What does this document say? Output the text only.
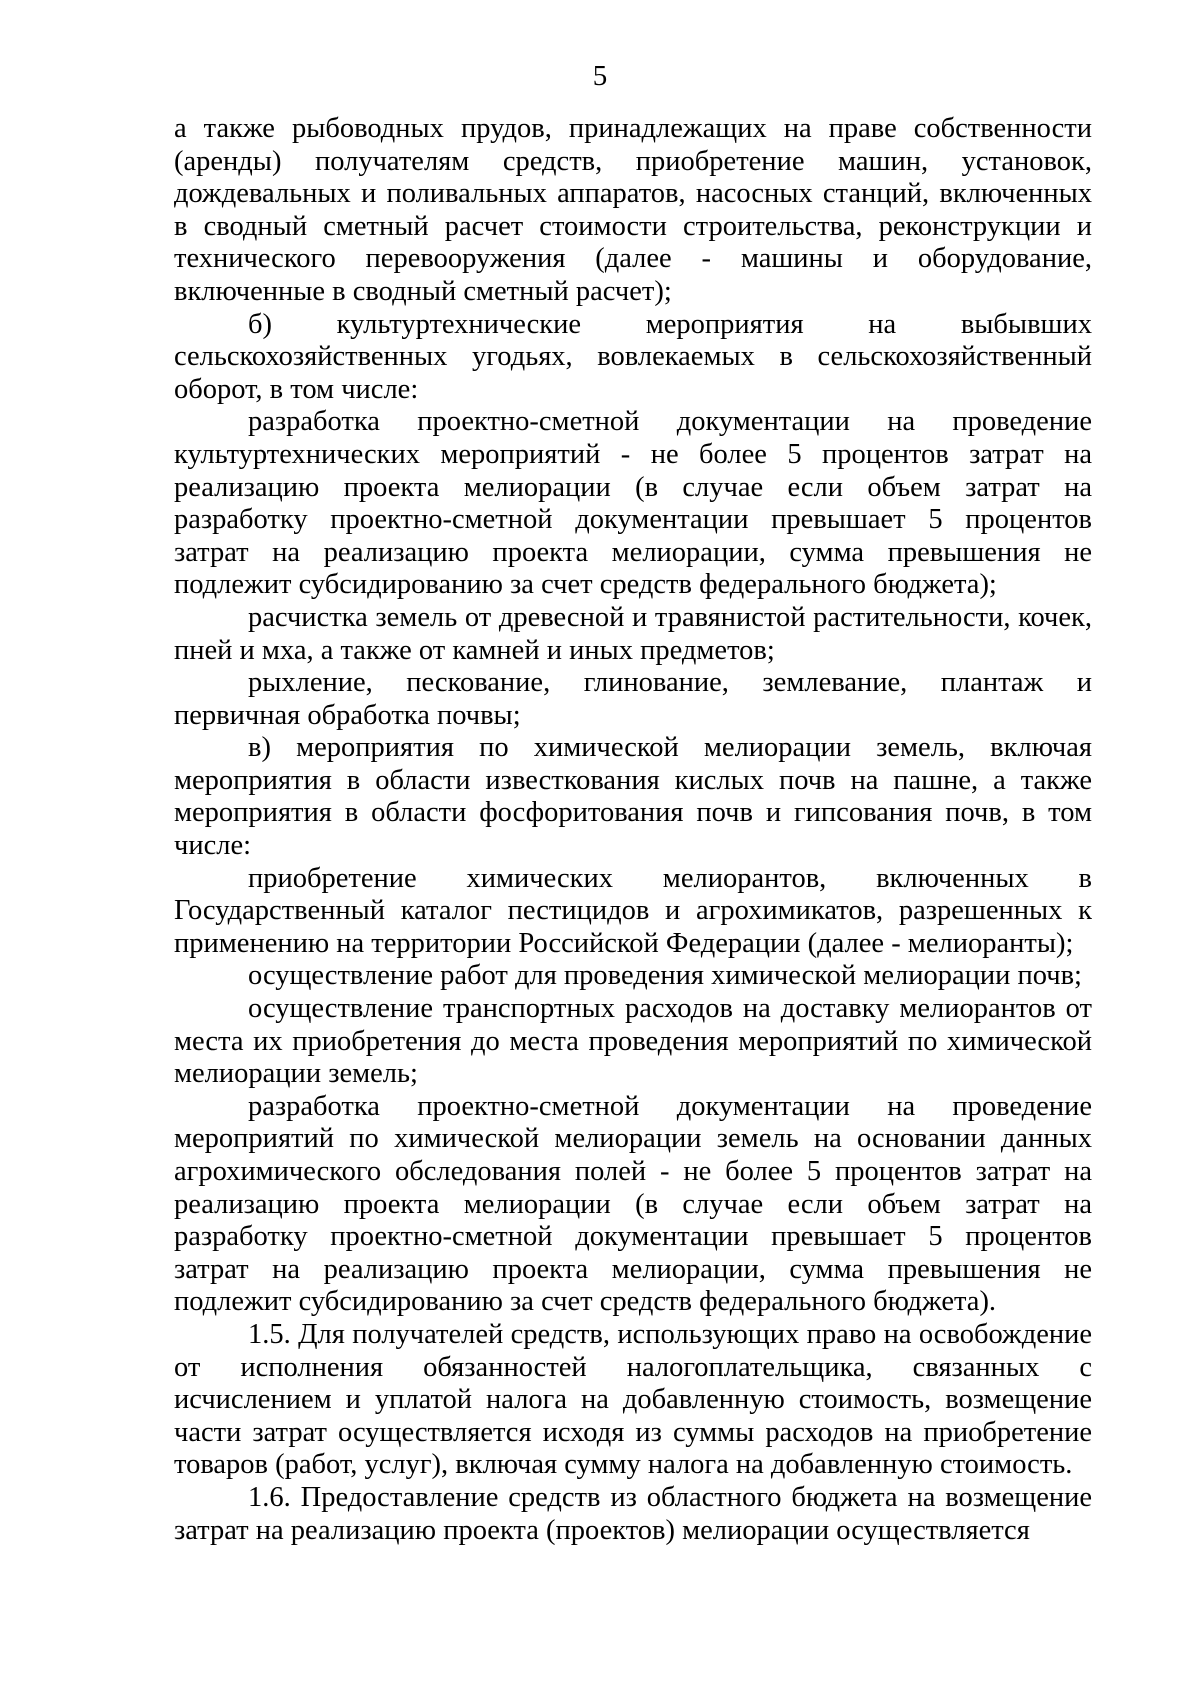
5

а также рыбоводных прудов, принадлежащих на праве собственности (аренды) получателям средств, приобретение машин, установок, дождевальных и поливальных аппаратов, насосных станций, включенных в сводный сметный расчет стоимости строительства, реконструкции и технического перевооружения (далее - машины и оборудование, включенные в сводный сметный расчет);

б) культуртехнические мероприятия на выбывших сельскохозяйственных угодьях, вовлекаемых в сельскохозяйственный оборот, в том числе:

разработка проектно-сметной документации на проведение культуртехнических мероприятий - не более 5 процентов затрат на реализацию проекта мелиорации (в случае если объем затрат на разработку проектно-сметной документации превышает 5 процентов затрат на реализацию проекта мелиорации, сумма превышения не подлежит субсидированию за счет средств федерального бюджета);

расчистка земель от древесной и травянистой растительности, кочек, пней и мха, а также от камней и иных предметов;

рыхление, пескование, глинование, землевание, плантаж и первичная обработка почвы;

в) мероприятия по химической мелиорации земель, включая мероприятия в области известкования кислых почв на пашне, а также мероприятия в области фосфоритования почв и гипсования почв, в том числе:

приобретение химических мелиорантов, включенных в Государственный каталог пестицидов и агрохимикатов, разрешенных к применению на территории Российской Федерации (далее - мелиоранты);

осуществление работ для проведения химической мелиорации почв;

осуществление транспортных расходов на доставку мелиорантов от места их приобретения до места проведения мероприятий по химической мелиорации земель;

разработка проектно-сметной документации на проведение мероприятий по химической мелиорации земель на основании данных агрохимического обследования полей - не более 5 процентов затрат на реализацию проекта мелиорации (в случае если объем затрат на разработку проектно-сметной документации превышает 5 процентов затрат на реализацию проекта мелиорации, сумма превышения не подлежит субсидированию за счет средств федерального бюджета).

1.5. Для получателей средств, использующих право на освобождение от исполнения обязанностей налогоплательщика, связанных с исчислением и уплатой налога на добавленную стоимость, возмещение части затрат осуществляется исходя из суммы расходов на приобретение товаров (работ, услуг), включая сумму налога на добавленную стоимость.

1.6. Предоставление средств из областного бюджета на возмещение затрат на реализацию проекта (проектов) мелиорации осуществляется
